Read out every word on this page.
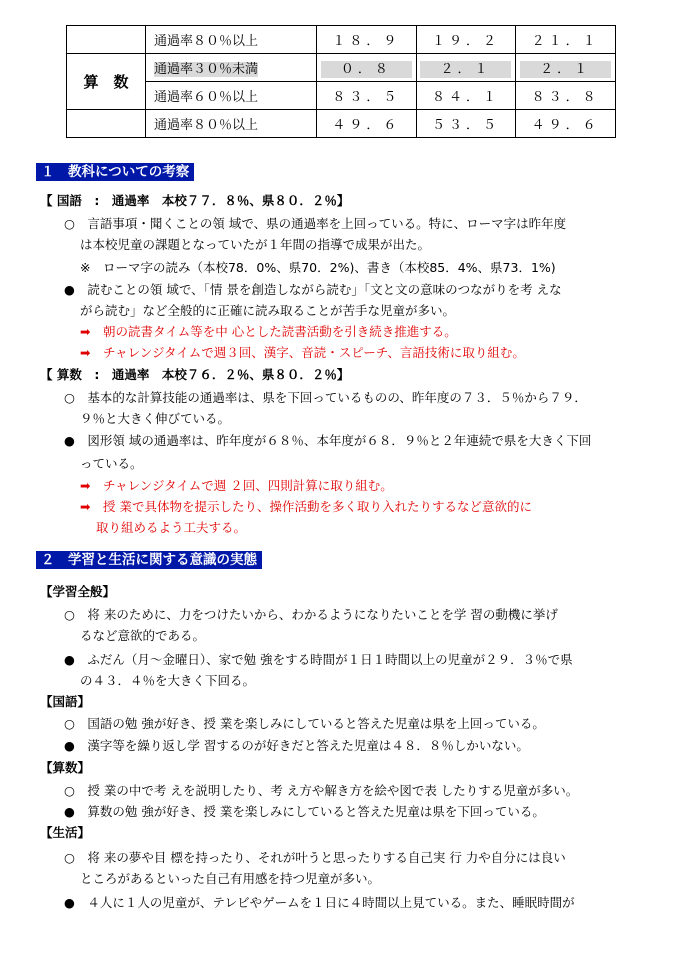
	通過率８０％以上	１８．９	１９．２	２１．１
算　数	通過率３０％未満	０．８	２．１	２．１
	通過率６０％以上	８３．５	８４．１	８３．８
	通過率８０％以上	４９．６	５３．５	４９．６
１　教科についての考察
【 国語　:　通過率　本校７７．８％、県８０．２％】
○　言語事項・聞くことの領 域で、県の通過率を上回っている。特に、ローマ字は昨年度
は本校児童の課題となっていたが１年間の指導で成果が出た。
※　ローマ字の読み（本校78．0%、県70．2%)、書き（本校85．4%、県73．1%)
●　読むことの領 域で、「情 景を創造しながら読む」「文と文の意味のつながりを考 えな
がら読む」など全般的に正確に読み取ることが苦手な児童が多い。
➡　朝の読書タイム等を中 心とした読書活動を引き続き推進する。
➡　チャレンジタイムで週３回、漢字、音読・スピーチ、言語技術に取り組む。
【 算数　:　通過率　本校７６．２％、県８０．２％】
○　基本的な計算技能の通過率は、県を下回っているものの、昨年度の７３．５％から７９．
９％と大きく伸びている。
●　図形領 域の通過率は、昨年度が６８％、本年度が６８．９％と２年連続で県を大きく下回
っている。
➡　チャレンジタイムで週 ２回、四則計算に取り組む。
➡　授 業で具体物を提示したり、操作活動を多く取り入れたりするなど意欲的に
取り組めるよう工夫する。
２　学習と生活に関する意識の実態
【学習全般】
○　将 来のために、力をつけたいから、わかるようになりたいことを学 習の動機に挙げ
るなど意欲的である。
●　ふだん（月～金曜日）、家で勉 強をする時間が１日１時間以上の児童が２９．３％で県
の４３．４％を大きく下回る。
【国語】
○　国語の勉 強が好き、授 業を楽しみにしていると答えた児童は県を上回っている。
●　漢字等を繰り返し学 習するのが好きだと答えた児童は４８．８％しかいない。
【算数】
○　授 業の中で考 えを説明したり、考 え方や解き方を絵や図で表 したりする児童が多い。
●　算数の勉 強が好き、授 業を楽しみにしていると答えた児童は県を下回っている。
【生活】
○　将 来の夢や目 標を持ったり、それが叶うと思ったりする自己実 行 力や自分には良い
ところがあるといった自己有用感を持つ児童が多い。
●　４人に１人の児童が、テレビやゲームを１日に４時間以上見ている。また、睡眠時間が
